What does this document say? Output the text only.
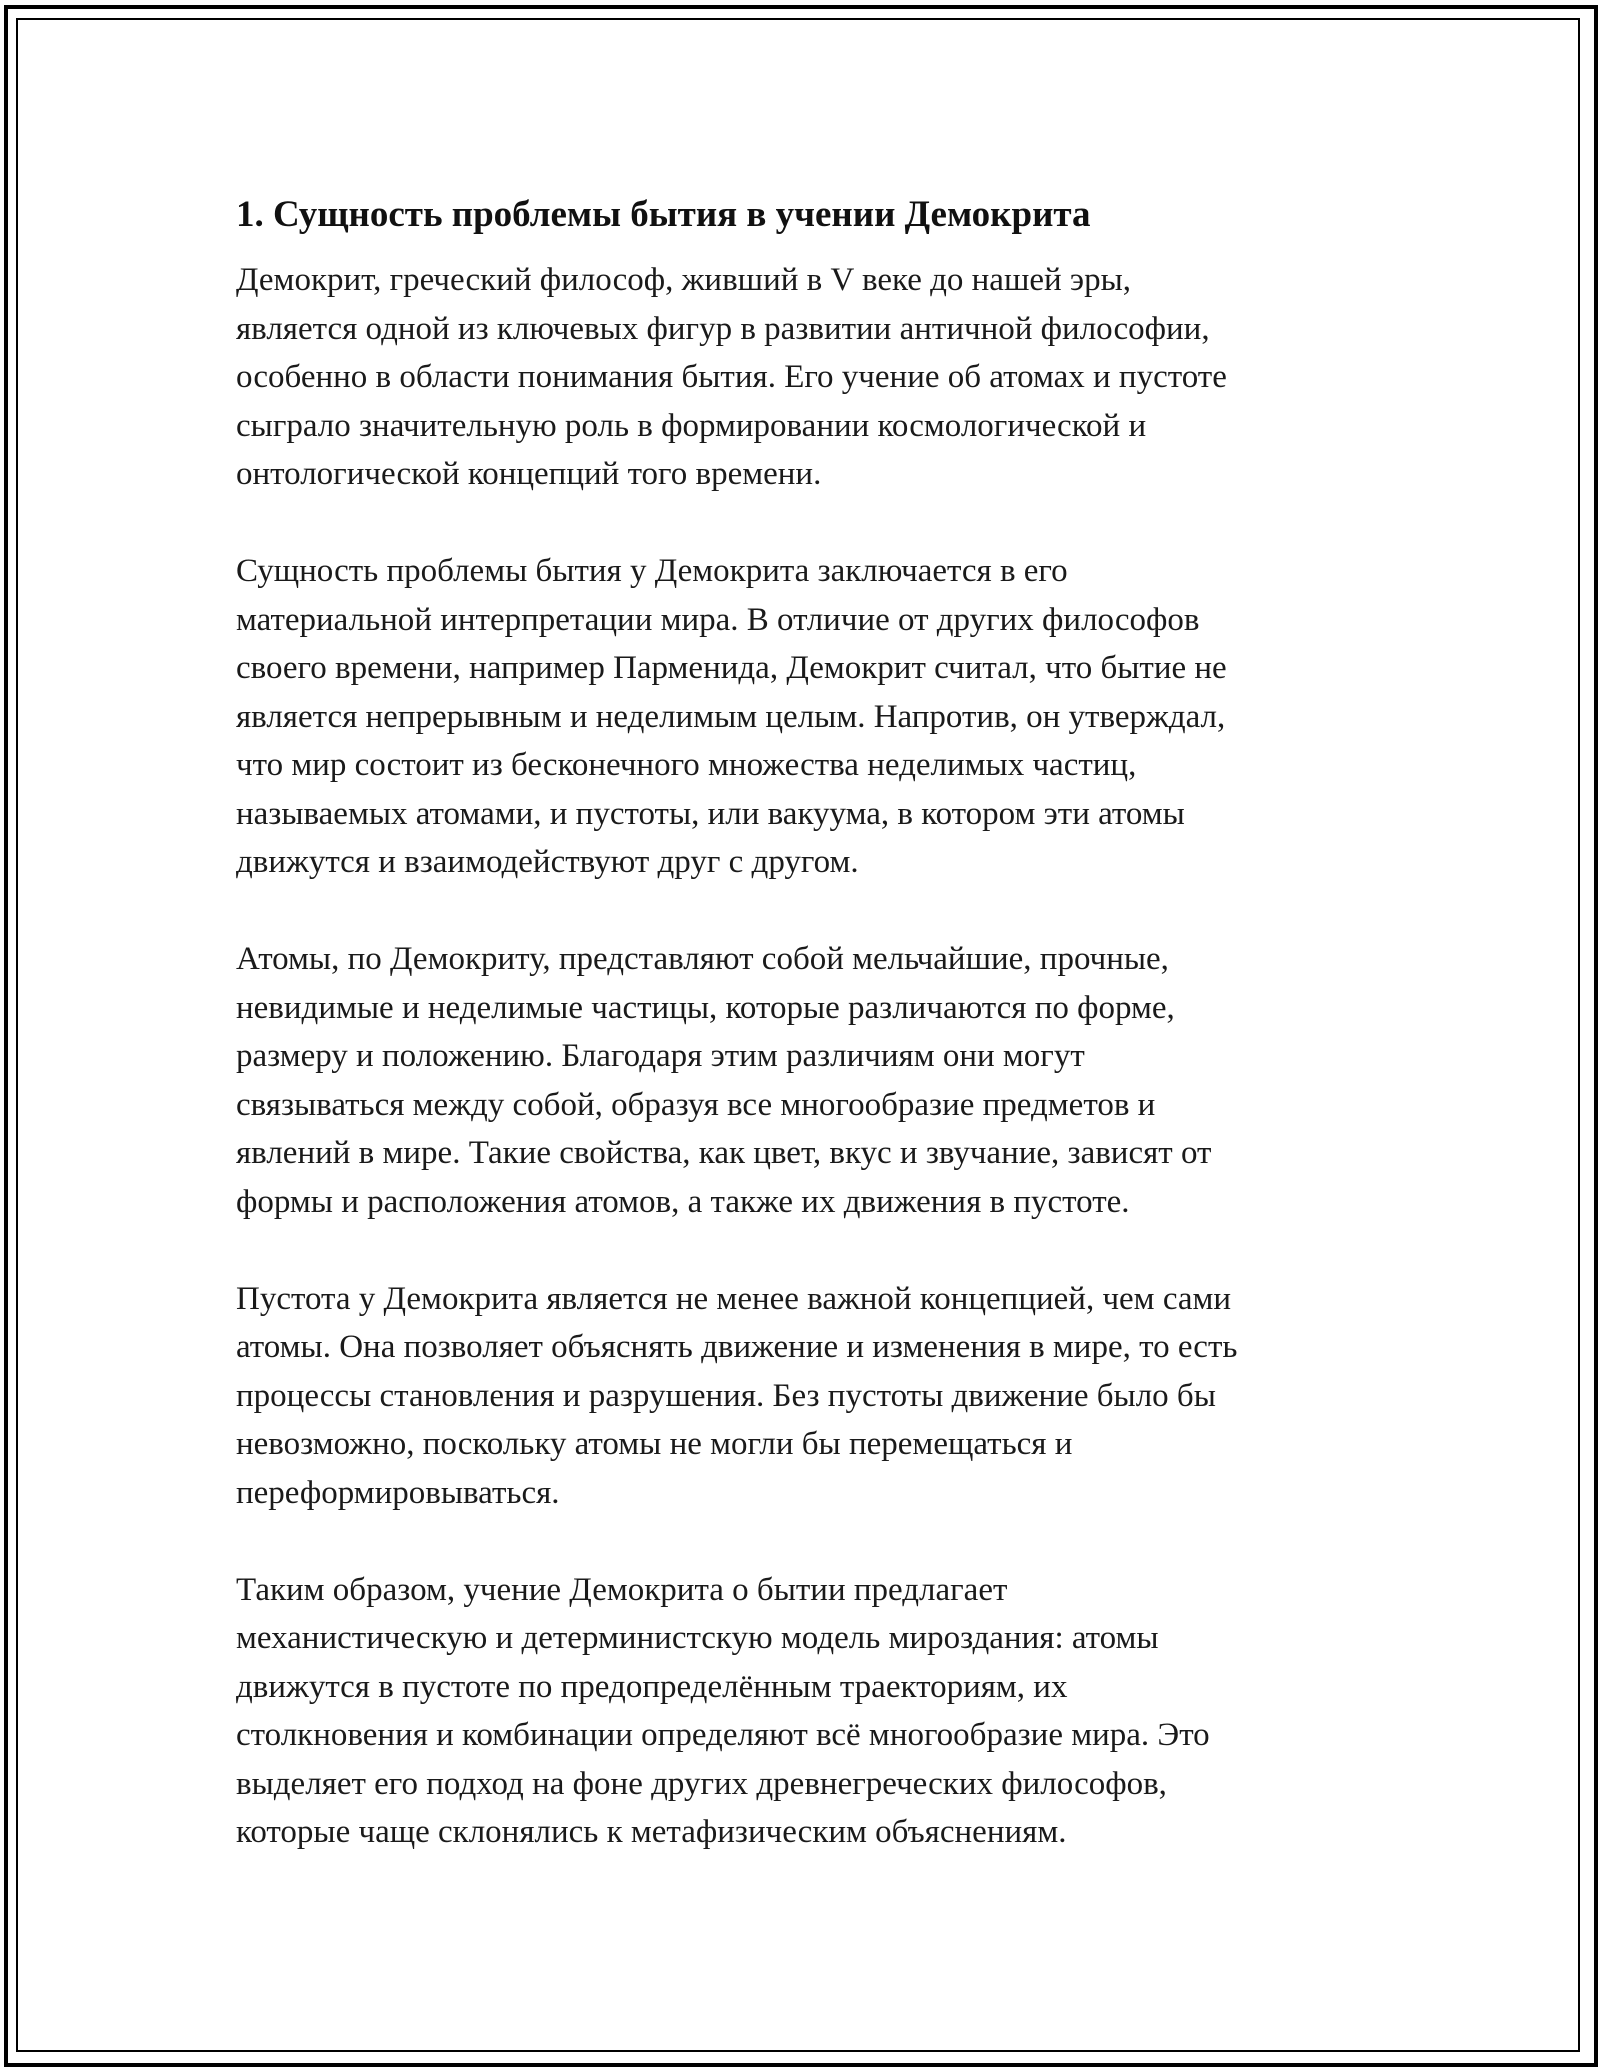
1. Сущность проблемы бытия в учении Демокрита

Демокрит, греческий философ, живший в V веке до нашей эры,
является одной из ключевых фигур в развитии античной философии,
особенно в области понимания бытия. Его учение об атомах и пустоте
сыграло значительную роль в формировании космологической и
онтологической концепций того времени.

Сущность проблемы бытия у Демокрита заключается в его
материальной интерпретации мира. В отличие от других философов
своего времени, например Парменида, Демокрит считал, что бытие не
является непрерывным и неделимым целым. Напротив, он утверждал,
что мир состоит из бесконечного множества неделимых частиц,
называемых атомами, и пустоты, или вакуума, в котором эти атомы
движутся и взаимодействуют друг с другом.

Атомы, по Демокриту, представляют собой мельчайшие, прочные,
невидимые и неделимые частицы, которые различаются по форме,
размеру и положению. Благодаря этим различиям они могут
связываться между собой, образуя все многообразие предметов и
явлений в мире. Такие свойства, как цвет, вкус и звучание, зависят от
формы и расположения атомов, а также их движения в пустоте.

Пустота у Демокрита является не менее важной концепцией, чем сами
атомы. Она позволяет объяснять движение и изменения в мире, то есть
процессы становления и разрушения. Без пустоты движение было бы
невозможно, поскольку атомы не могли бы перемещаться и
переформировываться.

Таким образом, учение Демокрита о бытии предлагает
механистическую и детерминистскую модель мироздания: атомы
движутся в пустоте по предопределённым траекториям, их
столкновения и комбинации определяют всё многообразие мира. Это
выделяет его подход на фоне других древнегреческих философов,
которые чаще склонялись к метафизическим объяснениям.
